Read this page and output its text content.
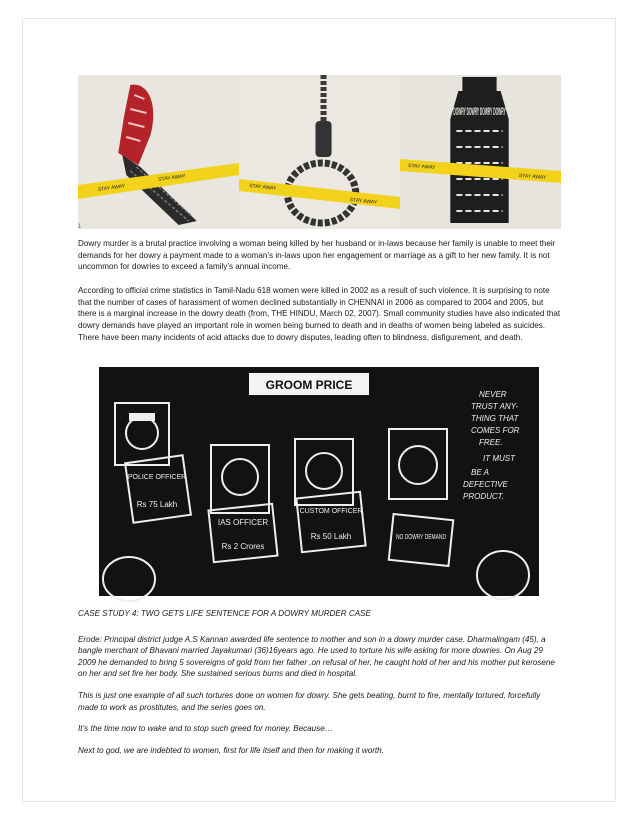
STAY AWAY
STAY AWAY
STAY AWAY
STAY AWAY
DOWRY DOWRY DOWRY DOWRY
STAY AWAY
STAY AWAY
1

Dowry murder is a brutal practice involving a woman being killed by her husband or in-laws because her family is unable to meet their demands for her dowry a payment made to a woman’s in-laws upon her engagement or marriage as a gift to her new family. It is not uncommon for dowries to exceed a family’s annual income.

According to official crime statistics in Tamil-Nadu 618 women were killed in 2002 as a result of such violence. It is surprising to note that the number of cases of harassment of women declined substantially in CHENNAI in 2006 as compared to 2004 and 2005, but there is a marginal increase in the dowry death (from, THE HINDU, March 02, 2007). Small community studies have also indicated that dowry demands have played an important role in women being burned to death and in deaths of women being labeled as suicides. There have been many incidents of acid attacks due to dowry disputes, leading often to blindness, disfigurement, and death.

GROOM PRICE
POLICE OFFICER
Rs 75 Lakh
IAS OFFICER
Rs 2 Crores
CUSTOM OFFICER
Rs 50 Lakh	NO DOWRY DEMAND
NEVER
TRUST ANY-
THING THAT
COMES FOR
FREE.
IT MUST
BE A
DEFECTIVE
PRODUCT.

CASE STUDY 4: TWO GETS LIFE SENTENCE FOR A DOWRY MURDER CASE

Erode: Principal district judge A.S Kannan awarded life sentence to mother and son in a dowry murder case. Dharmalingam (45), a bangle merchant of Bhavani married Jayakumari (36)16years ago. He used to torture his wife asking for more dowries. On Aug 29 2009 he demanded to bring 5 sovereigns of gold from her father ,on refusal of her, he caught hold of her and his mother put kerosene on her and set fire her body. She sustained serious burns and died in hospital.

This is just one example of all such tortures done on women for dowry. She gets beating, burnt to fire, mentally tortured, forcefully made to work as prostitutes, and the series goes on.

It’s the time now to wake and to stop such greed for money. Because…

Next to god, we are indebted to women, first for life itself and then for making it worth.
